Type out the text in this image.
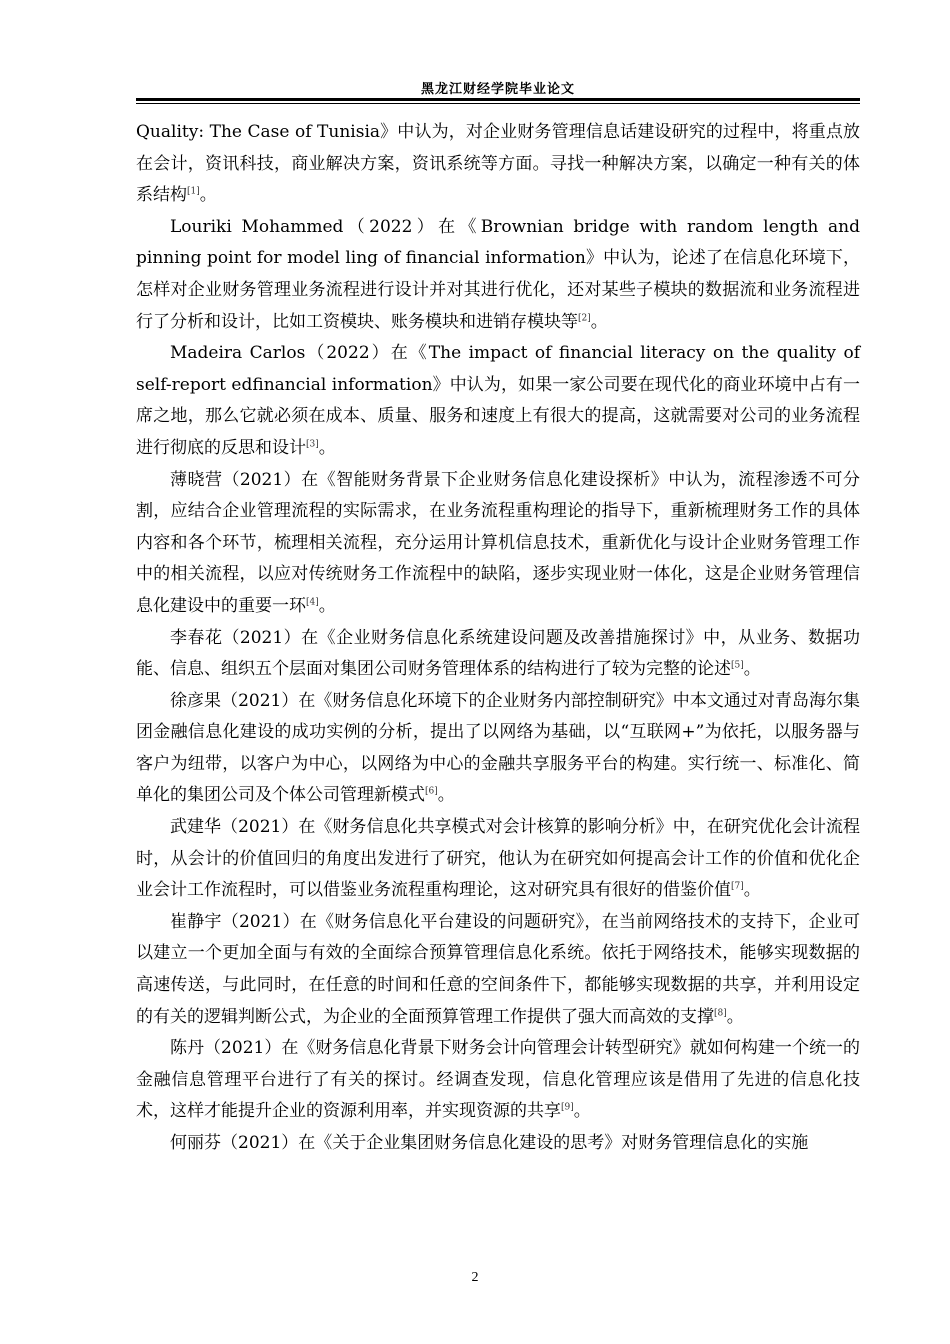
黑龙江财经学院毕业论文

Quality: The Case of Tunisia》中认为，对企业财务管理信息话建设研究的过程中，将重点放在会计，资讯科技，商业解决方案，资讯系统等方面。寻找一种解决方案，以确定一种有关的体系结构[1]。

Louriki Mohammed（2022）在《Brownian bridge with random length and pinning point for model ling of financial information》中认为，论述了在信息化环境下，怎样对企业财务管理业务流程进行设计并对其进行优化，还对某些子模块的数据流和业务流程进行了分析和设计，比如工资模块、账务模块和进销存模块等[2]。

Madeira Carlos（2022）在《The impact of financial literacy on the quality of self-report edfinancial information》中认为，如果一家公司要在现代化的商业环境中占有一席之地，那么它就必须在成本、质量、服务和速度上有很大的提高，这就需要对公司的业务流程进行彻底的反思和设计[3]。

薄晓营（2021）在《智能财务背景下企业财务信息化建设探析》中认为，流程渗透不可分割，应结合企业管理流程的实际需求，在业务流程重构理论的指导下，重新梳理财务工作的具体内容和各个环节，梳理相关流程，充分运用计算机信息技术，重新优化与设计企业财务管理工作中的相关流程，以应对传统财务工作流程中的缺陷，逐步实现业财一体化，这是企业财务管理信息化建设中的重要一环[4]。

李春花（2021）在《企业财务信息化系统建设问题及改善措施探讨》中，从业务、数据功能、信息、组织五个层面对集团公司财务管理体系的结构进行了较为完整的论述[5]。

徐彦果（2021）在《财务信息化环境下的企业财务内部控制研究》中本文通过对青岛海尔集团金融信息化建设的成功实例的分析，提出了以网络为基础，以“互联网+”为依托，以服务器与客户为纽带，以客户为中心，以网络为中心的金融共享服务平台的构建。实行统一、标准化、简单化的集团公司及个体公司管理新模式[6]。

武建华（2021）在《财务信息化共享模式对会计核算的影响分析》中，在研究优化会计流程时，从会计的价值回归的角度出发进行了研究，他认为在研究如何提高会计工作的价值和优化企业会计工作流程时，可以借鉴业务流程重构理论，这对研究具有很好的借鉴价值[7]。

崔静宇（2021）在《财务信息化平台建设的问题研究》，在当前网络技术的支持下，企业可以建立一个更加全面与有效的全面综合预算管理信息化系统。依托于网络技术，能够实现数据的高速传送，与此同时，在任意的时间和任意的空间条件下，都能够实现数据的共享，并利用设定的有关的逻辑判断公式，为企业的全面预算管理工作提供了强大而高效的支撑[8]。

陈丹（2021）在《财务信息化背景下财务会计向管理会计转型研究》就如何构建一个统一的金融信息管理平台进行了有关的探讨。经调查发现，信息化管理应该是借用了先进的信息化技术，这样才能提升企业的资源利用率，并实现资源的共享[9]。

何丽芬（2021）在《关于企业集团财务信息化建设的思考》对财务管理信息化的实施

2
